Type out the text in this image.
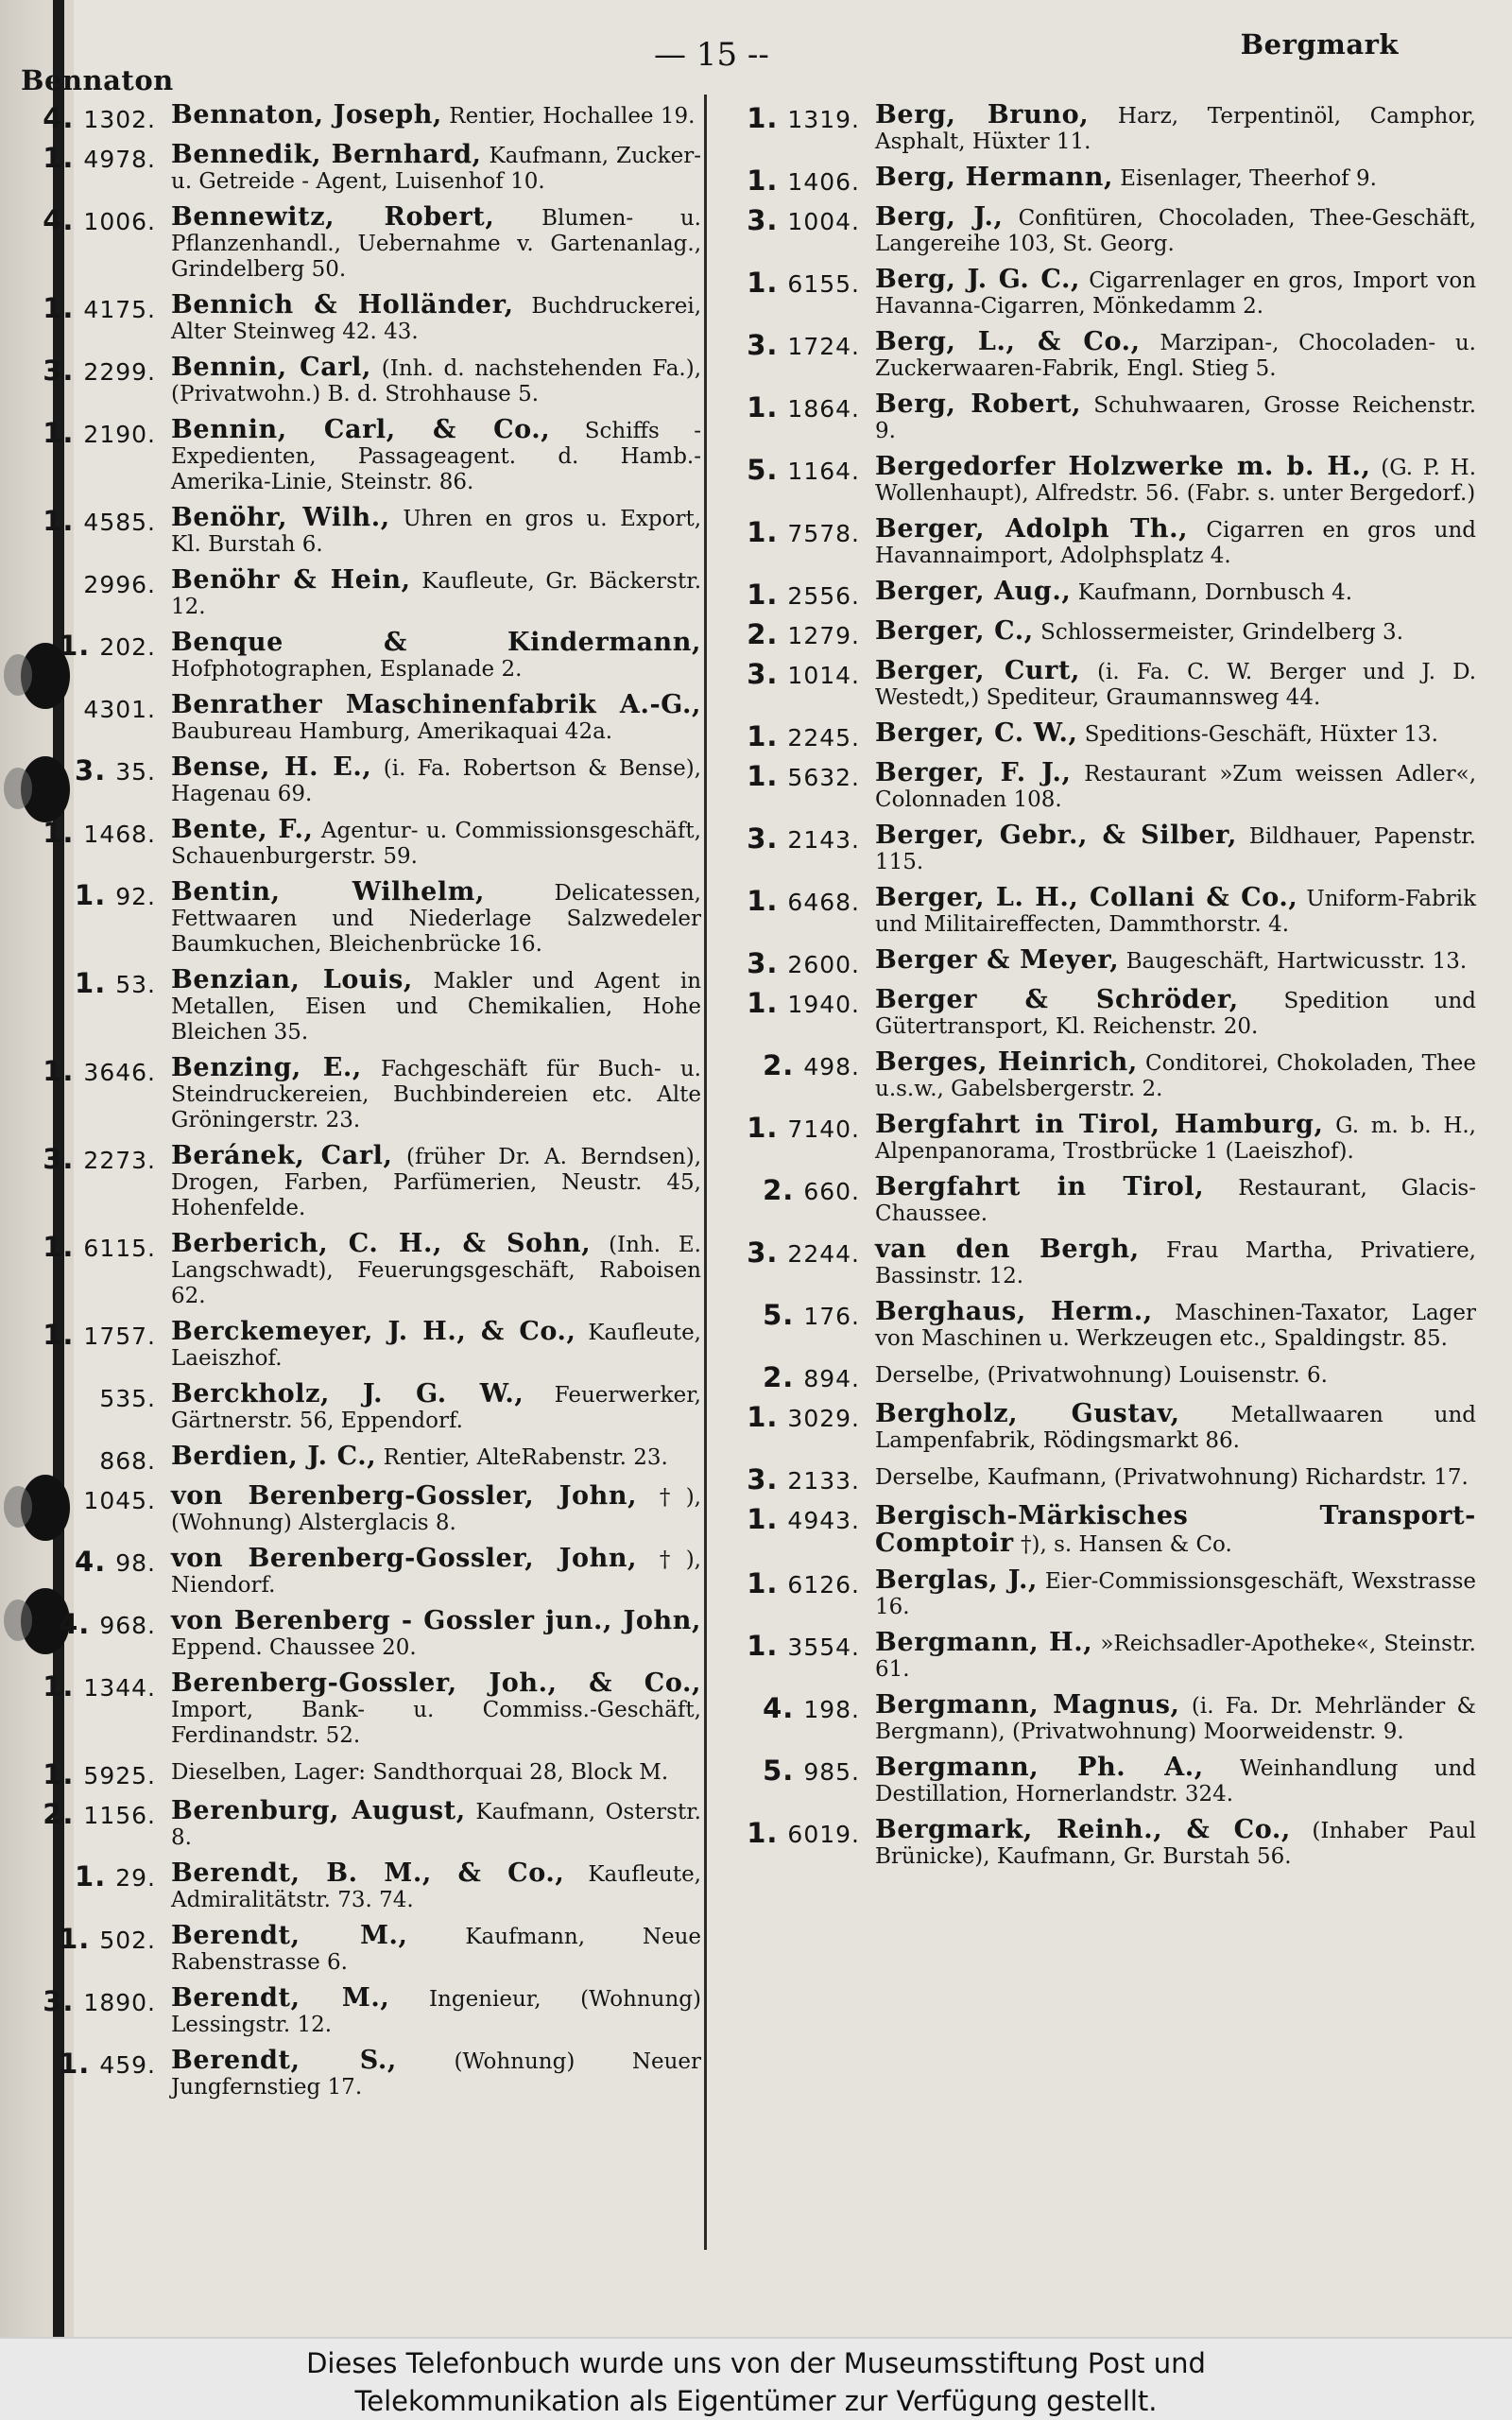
Bennaton
— 15 --	Bergmark
4. 1302. Bennaton, Joseph, Rentier, Hochallee 19.
1. 4978. Bennedik, Bernhard, Kaufmann, Zucker- u. Getreide - Agent, Luisenhof 10.
4. 1006. Bennewitz, Robert, Blumen- u. Pflanzenhandl., Uebernahme v. Gartenanlag., Grindelberg 50.
1. 4175. Bennich & Holländer, Buchdruckerei, Alter Steinweg 42. 43.
3. 2299. Bennin, Carl, (Inh. d. nachstehenden Fa.), (Privatwohn.) B. d. Strohhause 5.
1. 2190. Bennin, Carl, & Co., Schiffs - Expedienten, Passageagent. d. Hamb.- Amerika-Linie, Steinstr. 86.
1. 4585. Benöhr, Wilh., Uhren en gros u. Export, Kl. Burstah 6.
2996. Benöhr & Hein, Kaufleute, Gr. Bäckerstr. 12.
1. 202. Benque & Kindermann, Hofphotographen, Esplanade 2.
4301. Benrather Maschinenfabrik A.-G., Baubureau Hamburg, Amerikaquai 42a.
3. 35. Bense, H. E., (i. Fa. Robertson & Bense), Hagenau 69.
1. 1468. Bente, F., Agentur- u. Commissionsgeschäft, Schauenburgerstr. 59.
1. 92. Bentin, Wilhelm,	Delicatessen, Fettwaaren und Niederlage Salzwedeler Baumkuchen, Bleichenbrücke 16.
1. 53. Benzian, Louis, Makler und Agent in Metallen, Eisen und Chemikalien, Hohe Bleichen 35.
1. 3646. Benzing, E., Fachgeschäft für Buch- u. Steindruckereien, Buchbindereien etc. Alte Gröningerstr. 23.
3. 2273. Beránek, Carl, (früher Dr. A. Berndsen), Drogen, Farben, Parfümerien, Neustr. 45, Hohenfelde.
1. 6115. Berberich, C. H., & Sohn, (Inh. E. Langschwadt), Feuerungsgeschäft, Raboisen 62.
1. 1757. Berckemeyer, J. H., & Co., Kaufleute, Laeiszhof.
535. Berckholz, J. G. W., Feuerwerker, Gärtnerstr. 56, Eppendorf.
868. Berdien, J. C., Rentier, AlteRabenstr. 23.
1045. von Berenberg-Gossler, John, †), (Wohnung) Alsterglacis 8.
4. 98. von Berenberg-Gossler, John, †), Niendorf.
4. 968. von Berenberg - Gossler jun., John, Eppend. Chaussee 20.
1. 1344. Berenberg-Gossler, Joh., & Co., Import, Bank- u. Commiss.-Geschäft, Ferdinandstr. 52.
1. 5925. Dieselben, Lager: Sandthorquai 28, Block M.
2. 1156. Berenburg, August, Kaufmann, Osterstr. 8.
1. 29. Berendt, B. M., & Co., Kaufleute, Admiralitätstr. 73. 74.
1. 502. Berendt, M.,	Kaufmann, Neue Rabenstrasse 6.
3. 1890. Berendt, M., Ingenieur, (Wohnung) Lessingstr. 12.
1. 459. Berendt, S.,	(Wohnung) Neuer Jungfernstieg 17.
1. 1319. Berg, Bruno, Harz, Terpentinöl, Camphor, Asphalt, Hüxter 11.
1. 1406. Berg, Hermann, Eisenlager, Theerhof 9.
3. 1004. Berg, J., Confitüren, Chocoladen, Thee-Geschäft, Langereihe 103, St. Georg.
1. 6155. Berg, J. G. C., Cigarrenlager en gros, Import von Havanna-Cigarren, Mönkedamm 2.
3. 1724. Berg, L., & Co., Marzipan-, Chocoladen- u. Zuckerwaaren-Fabrik, Engl. Stieg 5.
1. 1864. Berg, Robert, Schuhwaaren, Grosse Reichenstr. 9.
5. 1164. Bergedorfer Holzwerke m. b. H., (G. P. H. Wollenhaupt), Alfredstr. 56. (Fabr. s. unter Bergedorf.)
1. 7578. Berger, Adolph Th., Cigarren en gros und Havannaimport, Adolphsplatz 4.
1. 2556. Berger, Aug., Kaufmann, Dornbusch 4.
2. 1279. Berger, C., Schlossermeister, Grindelberg 3.
3. 1014. Berger, Curt, (i. Fa. C. W. Berger und J. D. Westedt,) Spediteur, Graumannsweg 44.
1. 2245. Berger, C. W., Speditions-Geschäft, Hüxter 13.
1. 5632. Berger, F. J., Restaurant »Zum weissen Adler«, Colonnaden 108.
3. 2143. Berger, Gebr., & Silber, Bildhauer, Papenstr. 115.
1. 6468. Berger, L. H., Collani & Co., Uniform-Fabrik und Militaireffecten, Dammthorstr. 4.
3. 2600. Berger & Meyer, Baugeschäft, Hartwicusstr. 13.
1. 1940. Berger & Schröder, Spedition und Gütertransport, Kl. Reichenstr. 20.
2. 498. Berges, Heinrich, Conditorei, Chokoladen, Thee u.s.w., Gabelsbergerstr. 2.
1. 7140. Bergfahrt in Tirol, Hamburg, G. m. b. H., Alpenpanorama, Trostbrücke 1 (Laeiszhof).
2. 660. Bergfahrt in Tirol, Restaurant, Glacis-Chaussee.
3. 2244. van den Bergh, Frau Martha, Privatiere, Bassinstr. 12.
5. 176. Berghaus, Herm., Maschinen-Taxator, Lager von Maschinen u. Werkzeugen etc., Spaldingstr. 85.
2. 894. Derselbe, (Privatwohnung) Louisenstr. 6.
1. 3029. Bergholz, Gustav, Metallwaaren und Lampenfabrik, Rödingsmarkt 86.
3. 2133. Derselbe, Kaufmann, (Privatwohnung) Richardstr. 17.
1. 4943. Bergisch-Märkisches Transport-Comptoir †), s. Hansen & Co.
1. 6126. Berglas, J., Eier-Commissionsgeschäft, Wexstrasse 16.
1. 3554. Bergmann, H., »Reichsadler-Apotheke«, Steinstr. 61.
4. 198. Bergmann, Magnus, (i. Fa. Dr. Mehrländer & Bergmann), (Privatwohnung) Moorweidenstr. 9.
5. 985. Bergmann, Ph. A., Weinhandlung und Destillation, Hornerlandstr. 324.
1. 6019. Bergmark, Reinh., & Co., (Inhaber Paul Brünicke), Kaufmann, Gr. Burstah 56.
Dieses Telefonbuch wurde uns von der Museumsstiftung Post und
Telekommunikation als Eigentümer zur Verfügung gestellt.
